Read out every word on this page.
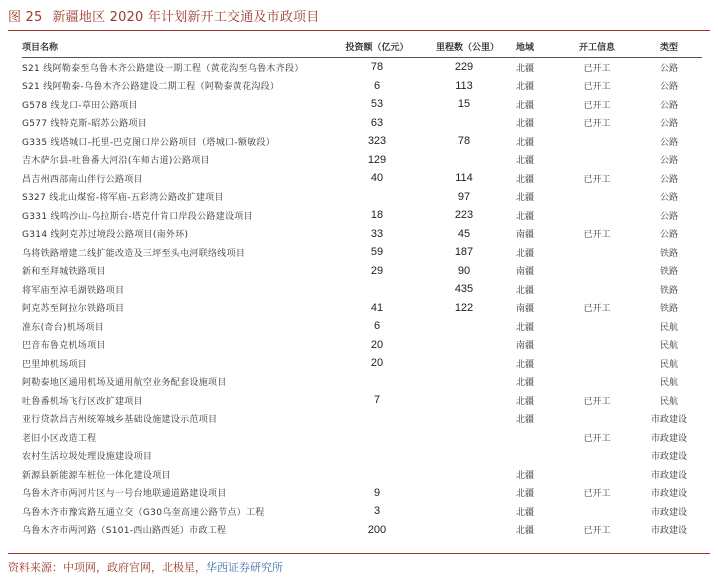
图 25 新疆地区 2020 年计划新开工交通及市政项目
项目名称	投资额（亿元）	里程数（公里）	地域	开工信息	类型
S21 线阿勒泰至乌鲁木齐公路建设一期工程（黄花沟至乌鲁木齐段）	78	229	北疆	已开工	公路
S21 线阿勒泰-乌鲁木齐公路建设二期工程（阿勒泰黄花沟段）	6	113	北疆	已开工	公路
G578 线龙口-草田公路项目	53	15	北疆	已开工	公路
G577 线特克斯-昭苏公路项目	63		北疆	已开工	公路
G335 线塔城口-托里-巴克图口岸公路项目（塔城口-额敏段）	323	78	北疆		公路
吉木萨尔县-吐鲁番大河沿(车师古道)公路项目	129		北疆		公路
昌吉州西部南山伴行公路项目	40	114	北疆	已开工	公路
S327 线北山煤窑-将军庙-五彩湾公路改扩建项目		97	北疆		公路
G331 线鸣沙山-乌拉斯台-塔克什肯口岸段公路建设项目	18	223	北疆		公路
G314 线阿克苏过境段公路项目(南外环)	33	45	南疆	已开工	公路
乌将铁路增建二线扩能改造及三坪至头屯河联络线项目	59	187	北疆		铁路
新和至拜城铁路项目	29	90	南疆		铁路
将军庙至淖毛湖铁路项目		435	北疆		铁路
阿克苏至阿拉尔铁路项目	41	122	南疆	已开工	铁路
准东(奇台)机场项目	6		北疆		民航
巴音布鲁克机场项目	20		南疆		民航
巴里坤机场项目	20		北疆		民航
阿勒泰地区通用机场及通用航空业务配套设施项目			北疆		民航
吐鲁番机场飞行区改扩建项目	7		北疆	已开工	民航
亚行贷款昌吉州统筹城乡基础设施建设示范项目			北疆		市政建设
老旧小区改造工程				已开工	市政建设
农村生活垃圾处理设施建设项目					市政建设
新源县新能源车桩位一体化建设项目			北疆		市政建设
乌鲁木齐市两河片区与一号台地联通道路建设项目	9		北疆	已开工	市政建设
乌鲁木齐市豫宾路互通立交（G30乌奎高速公路节点）工程	3		北疆		市政建设
乌鲁木齐市两河路（S101-西山路西延）市政工程	200		北疆	已开工	市政建设
资料来源：中项网，政府官网，北极星，华西证券研究所
